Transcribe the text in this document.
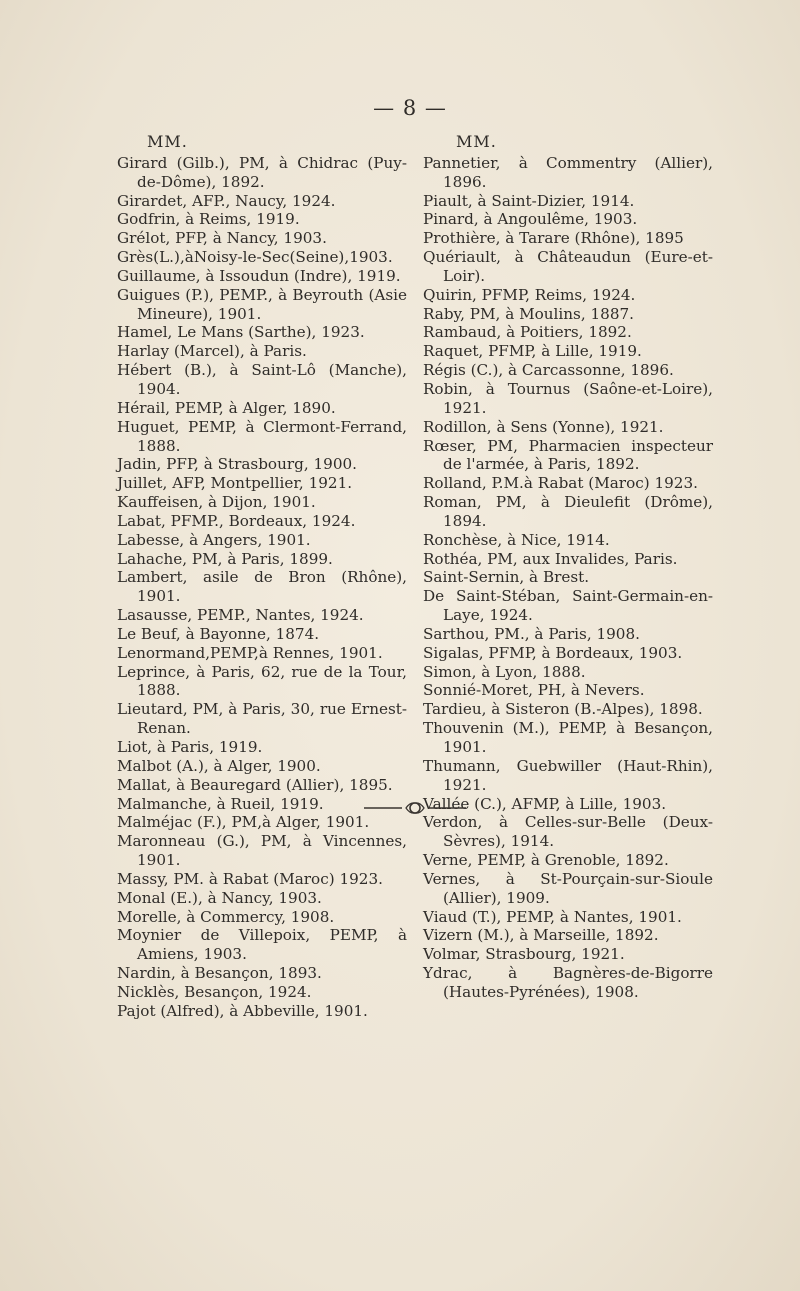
— 8 —
MM.
Girard (Gilb.), PM, à Chidrac (Puy-de-Dôme), 1892.
Girardet, AFP., Naucy, 1924.
Godfrin, à Reims, 1919.
Grélot, PFP, à Nancy, 1903.
Grès(L.),àNoisy-le-Sec(Seine),1903.
Guillaume, à Issoudun (Indre), 1919.
Guigues (P.), PEMP., à Beyrouth (Asie Mineure), 1901.
Hamel, Le Mans (Sarthe), 1923.
Harlay (Marcel), à Paris.
Hébert (B.), à Saint-Lô (Manche), 1904.
Hérail, PEMP, à Alger, 1890.
Huguet, PEMP, à Clermont-Ferrand, 1888.
Jadin, PFP, à Strasbourg, 1900.
Juillet, AFP, Montpellier, 1921.
Kauffeisen, à Dijon, 1901.
Labat, PFMP., Bordeaux, 1924.
Labesse, à Angers, 1901.
Lahache, PM, à Paris, 1899.
Lambert, asile de Bron (Rhône), 1901.
Lasausse, PEMP., Nantes, 1924.
Le Beuf, à Bayonne, 1874.
Lenormand,PEMP,à Rennes, 1901.
Leprince, à Paris, 62, rue de la Tour, 1888.
Lieutard, PM, à Paris, 30, rue Ernest-Renan.
Liot, à Paris, 1919.
Malbot (A.), à Alger, 1900.
Mallat, à Beauregard (Allier), 1895.
Malmanche, à Rueil, 1919.
Malméjac (F.), PM,à Alger, 1901.
Maronneau (G.), PM, à Vincennes, 1901.
Massy, PM. à Rabat (Maroc) 1923.
Monal (E.), à Nancy, 1903.
Morelle, à Commercy, 1908.
Moynier de Villepoix, PEMP, à Amiens, 1903.
Nardin, à Besançon, 1893.
Nicklès, Besançon, 1924.
Pajot (Alfred), à Abbeville, 1901.
MM.
Pannetier, à Commentry (Allier), 1896.
Piault, à Saint-Dizier, 1914.
Pinard, à Angoulême, 1903.
Prothière, à Tarare (Rhône), 1895
Quériault, à Châteaudun (Eure-et-Loir).
Quirin, PFMP, Reims, 1924.
Raby, PM, à Moulins, 1887.
Rambaud, à Poitiers, 1892.
Raquet, PFMP, à Lille, 1919.
Régis (C.), à Carcassonne, 1896.
Robin, à Tournus (Saône-et-Loire), 1921.
Rodillon, à Sens (Yonne), 1921.
Rœser, PM, Pharmacien inspecteur de l'armée, à Paris, 1892.
Rolland, P.M.à Rabat (Maroc) 1923.
Roman, PM, à Dieulefit (Drôme), 1894.
Ronchèse, à Nice, 1914.
Rothéa, PM, aux Invalides, Paris.
Saint-Sernin, à Brest.
De Saint-Stéban, Saint-Germain-en-Laye, 1924.
Sarthou, PM., à Paris, 1908.
Sigalas, PFMP, à Bordeaux, 1903.
Simon, à Lyon, 1888.
Sonnié-Moret, PH, à Nevers.
Tardieu, à Sisteron (B.-Alpes), 1898.
Thouvenin (M.), PEMP, à Besançon, 1901.
Thumann, Guebwiller (Haut-Rhin), 1921.
Vallée (C.), AFMP, à Lille, 1903.
Verdon, à Celles-sur-Belle (Deux-Sèvres), 1914.
Verne, PEMP, à Grenoble, 1892.
Vernes, à St-Pourçain-sur-Sioule (Allier), 1909.
Viaud (T.), PEMP, à Nantes, 1901.
Vizern (M.), à Marseille, 1892.
Volmar, Strasbourg, 1921.
Ydrac, à Bagnères-de-Bigorre (Hautes-Pyrénées), 1908.
